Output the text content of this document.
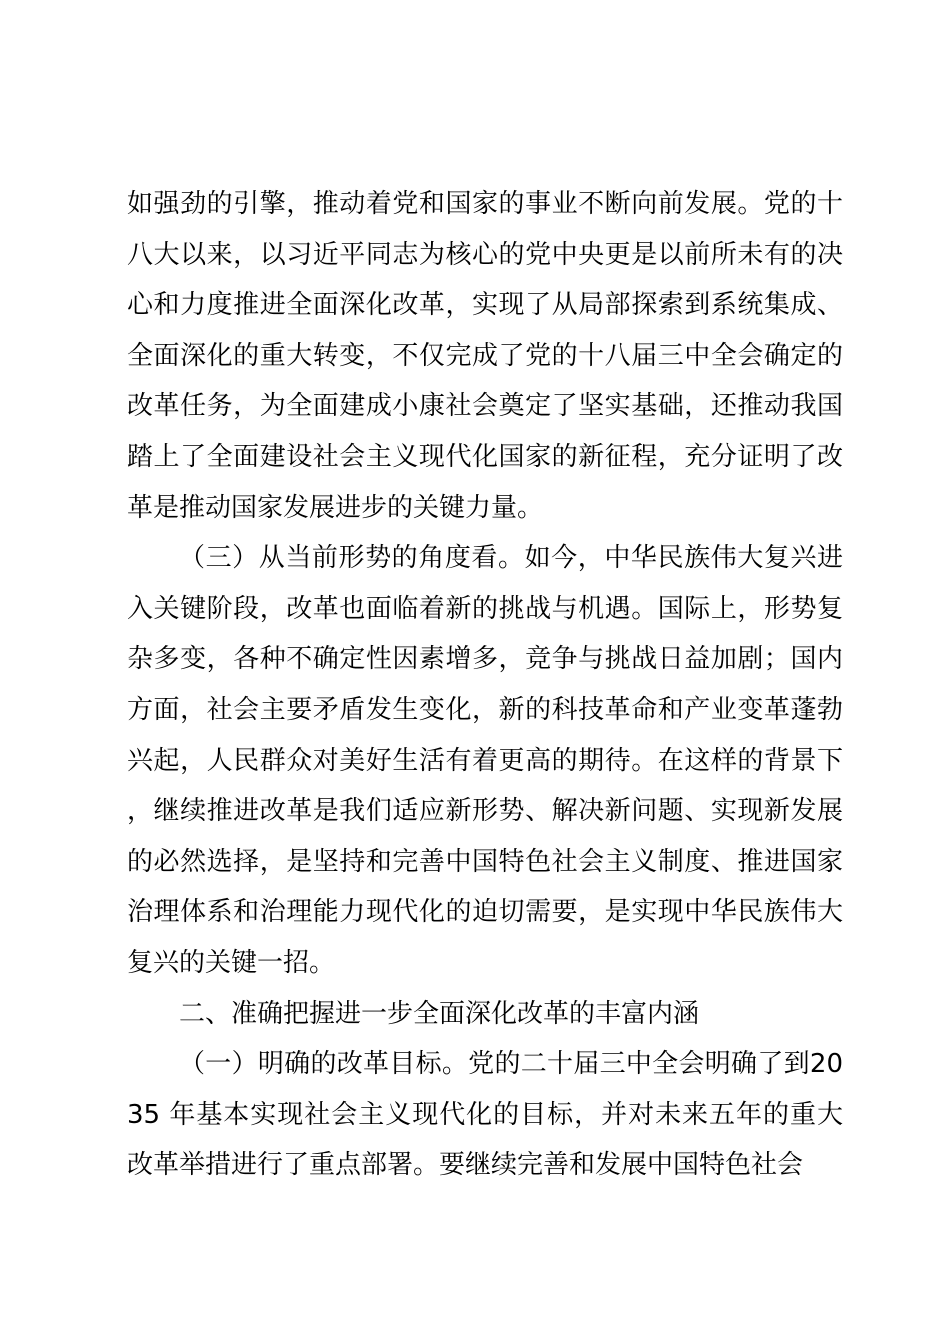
如强劲的引擎，推动着党和国家的事业不断向前发展。党的十八大以来，以习近平同志为核心的党中央更是以前所未有的决心和力度推进全面深化改革，实现了从局部探索到系统集成、全面深化的重大转变，不仅完成了党的十八届三中全会确定的改革任务，为全面建成小康社会奠定了坚实基础，还推动我国踏上了全面建设社会主义现代化国家的新征程，充分证明了改革是推动国家发展进步的关键力量。

（三）从当前形势的角度看。如今，中华民族伟大复兴进入关键阶段，改革也面临着新的挑战与机遇。国际上，形势复杂多变，各种不确定性因素增多，竞争与挑战日益加剧；国内方面，社会主要矛盾发生变化，新的科技革命和产业变革蓬勃兴起，人民群众对美好生活有着更高的期待。在这样的背景下，继续推进改革是我们适应新形势、解决新问题、实现新发展的必然选择，是坚持和完善中国特色社会主义制度、推进国家治理体系和治理能力现代化的迫切需要，是实现中华民族伟大复兴的关键一招。

二、准确把握进一步全面深化改革的丰富内涵

（一）明确的改革目标。党的二十届三中全会明确了到2035 年基本实现社会主义现代化的目标，并对未来五年的重大改革举措进行了重点部署。要继续完善和发展中国特色社会
